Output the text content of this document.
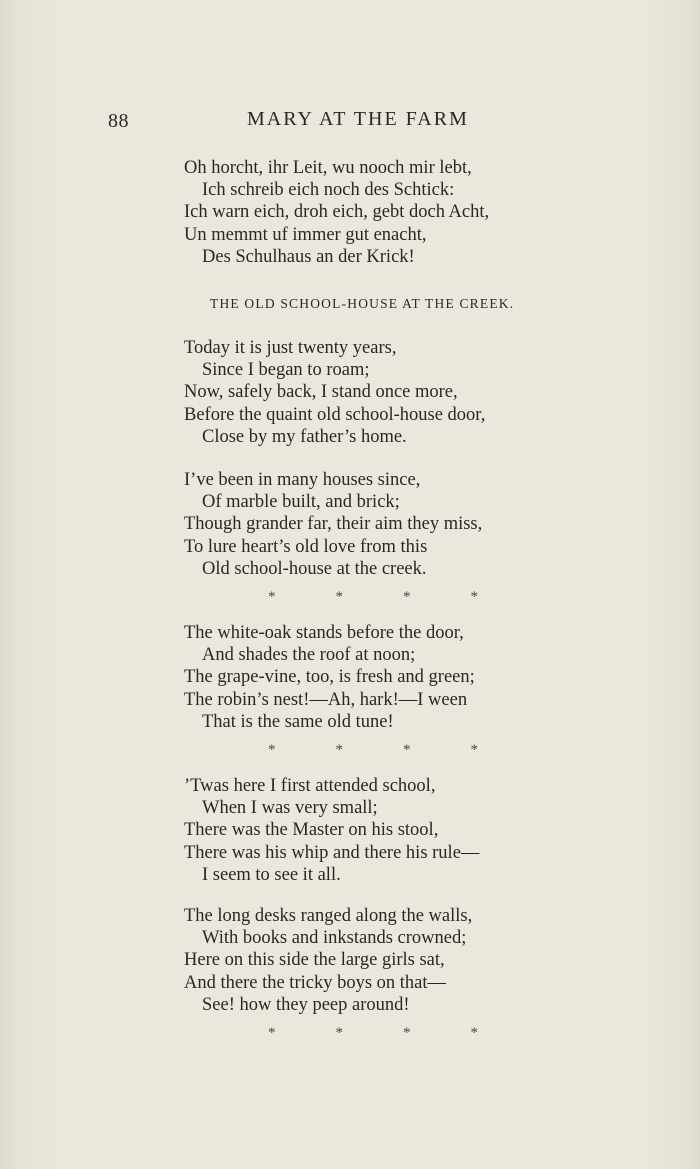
88	MARY AT THE FARM
Oh horcht, ihr Leit, wu nooch mir lebt,
Ich schreib eich noch des Schtick:
Ich warn eich, droh eich, gebt doch Acht,
Un memmt uf immer gut enacht,
Des Schulhaus an der Krick!
THE OLD SCHOOL-HOUSE AT THE CREEK.
Today it is just twenty years,
Since I began to roam;
Now, safely back, I stand once more,
Before the quaint old school-house door,
Close by my father’s home.
I’ve been in many houses since,
Of marble built, and brick;
Though grander far, their aim they miss,
To lure heart’s old love from this
Old school-house at the creek.
*	*	*	*
The white-oak stands before the door,
And shades the roof at noon;
The grape-vine, too, is fresh and green;
The robin’s nest!—Ah, hark!—I ween
That is the same old tune!
*	*	*	*
’Twas here I first attended school,
When I was very small;
There was the Master on his stool,
There was his whip and there his rule—
I seem to see it all.
The long desks ranged along the walls,
With books and inkstands crowned;
Here on this side the large girls sat,
And there the tricky boys on that—
See! how they peep around!
*	*	*	*
